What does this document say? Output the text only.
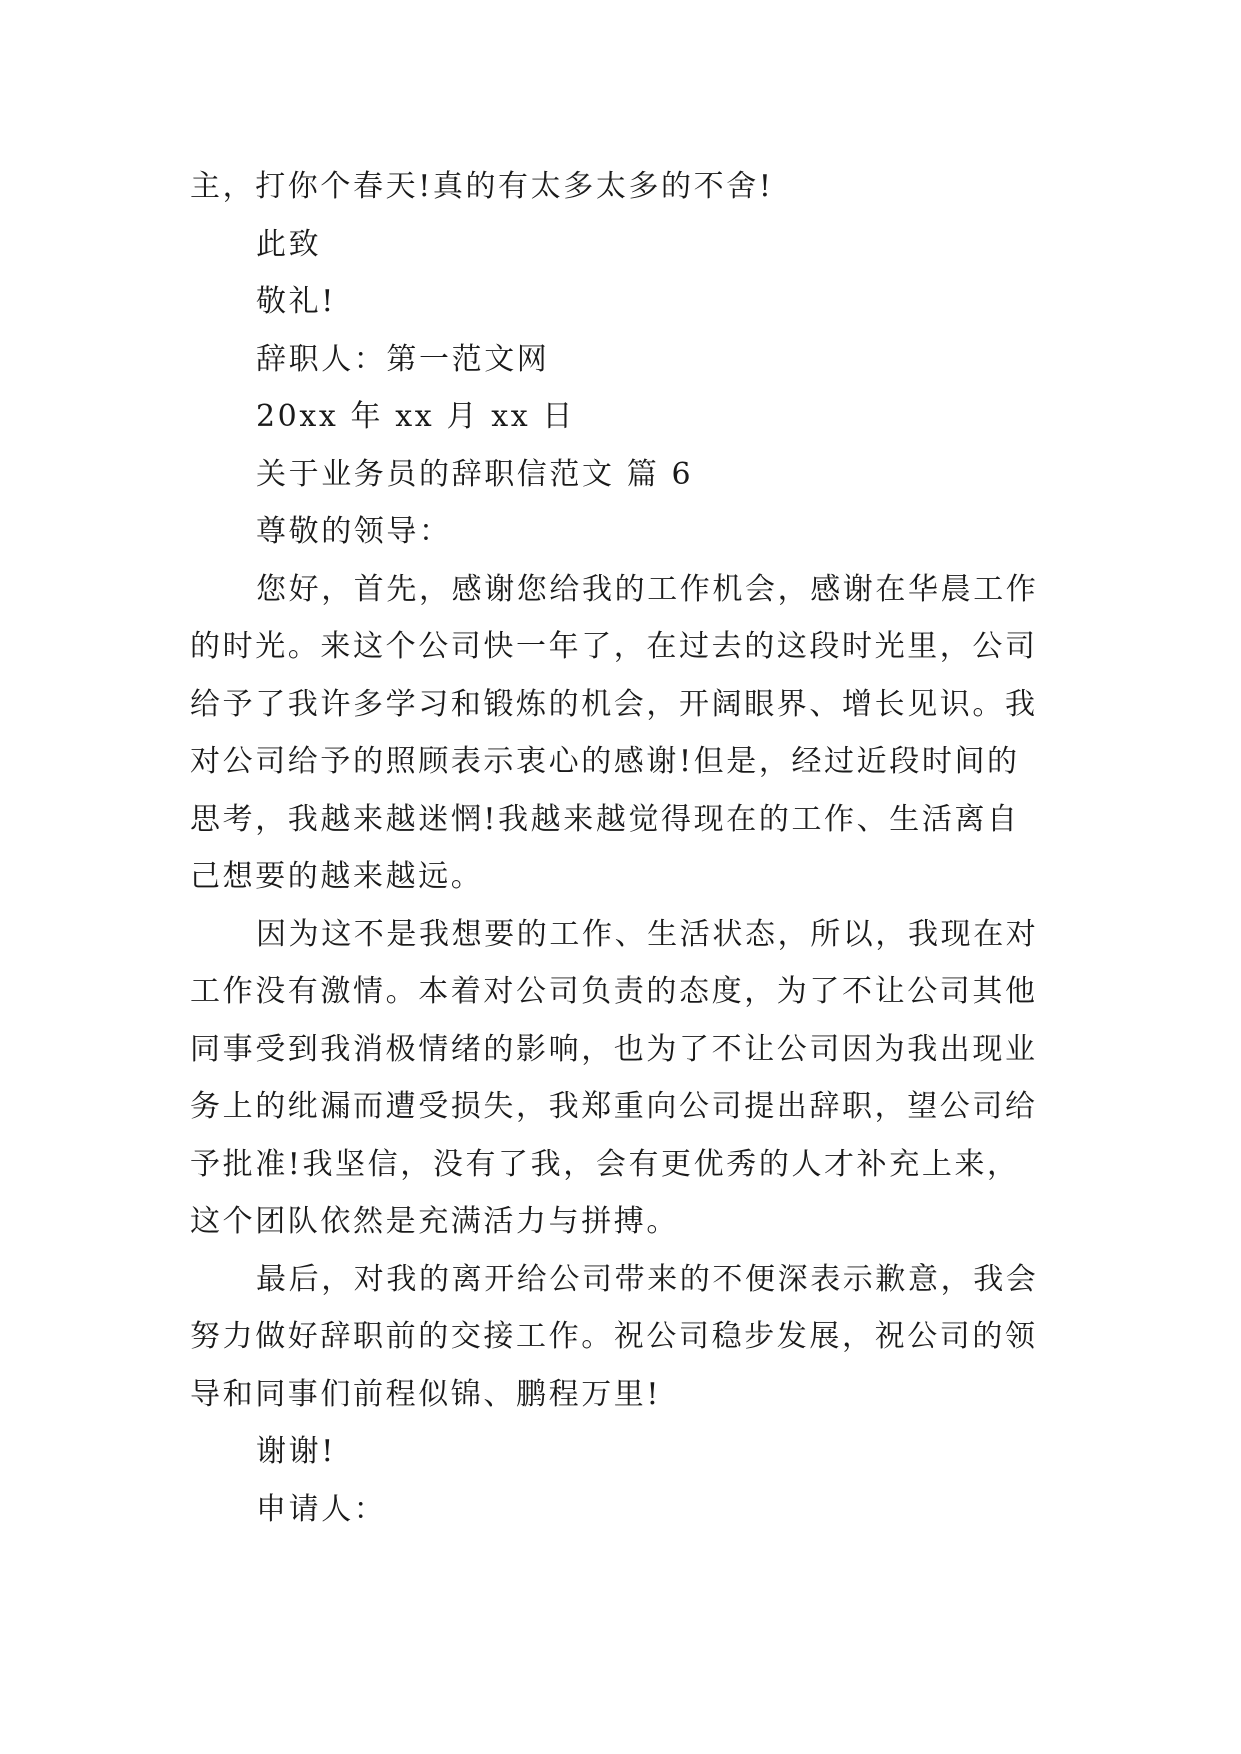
主，打你个春天!真的有太多太多的不舍!
此致
敬礼!
辞职人：第一范文网
20xx 年 xx 月 xx 日
关于业务员的辞职信范文 篇 6
尊敬的领导：
您好，首先，感谢您给我的工作机会，感谢在华晨工作
的时光。来这个公司快一年了，在过去的这段时光里，公司
给予了我许多学习和锻炼的机会，开阔眼界、增长见识。我
对公司给予的照顾表示衷心的感谢!但是，经过近段时间的
思考，我越来越迷惘!我越来越觉得现在的工作、生活离自
己想要的越来越远。
因为这不是我想要的工作、生活状态，所以，我现在对
工作没有激情。本着对公司负责的态度，为了不让公司其他
同事受到我消极情绪的影响，也为了不让公司因为我出现业
务上的纰漏而遭受损失，我郑重向公司提出辞职，望公司给
予批准!我坚信，没有了我，会有更优秀的人才补充上来，
这个团队依然是充满活力与拼搏。
最后，对我的离开给公司带来的不便深表示歉意，我会
努力做好辞职前的交接工作。祝公司稳步发展，祝公司的领
导和同事们前程似锦、鹏程万里!
谢谢!
申请人：
